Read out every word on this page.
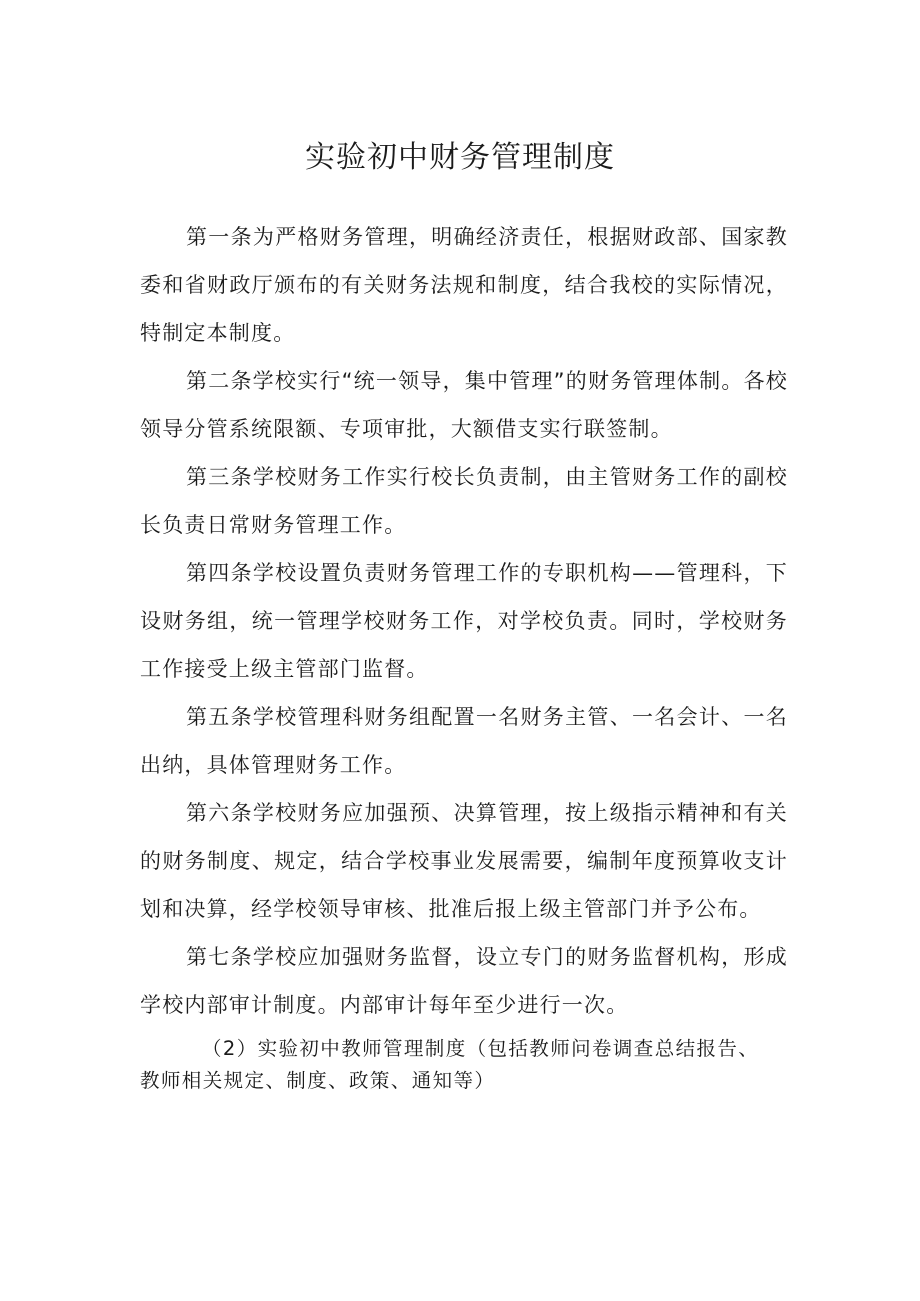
实验初中财务管理制度

第一条为严格财务管理，明确经济责任，根据财政部、国家教委和省财政厅颁布的有关财务法规和制度，结合我校的实际情况，特制定本制度。

第二条学校实行“统一领导，集中管理”的财务管理体制。各校领导分管系统限额、专项审批，大额借支实行联签制。

第三条学校财务工作实行校长负责制，由主管财务工作的副校长负责日常财务管理工作。

第四条学校设置负责财务管理工作的专职机构——管理科，下设财务组，统一管理学校财务工作，对学校负责。同时，学校财务工作接受上级主管部门监督。

第五条学校管理科财务组配置一名财务主管、一名会计、一名出纳，具体管理财务工作。

第六条学校财务应加强预、决算管理，按上级指示精神和有关的财务制度、规定，结合学校事业发展需要，编制年度预算收支计划和决算，经学校领导审核、批准后报上级主管部门并予公布。

第七条学校应加强财务监督，设立专门的财务监督机构，形成学校内部审计制度。内部审计每年至少进行一次。

（2）实验初中教师管理制度（包括教师问卷调查总结报告、教师相关规定、制度、政策、通知等）
